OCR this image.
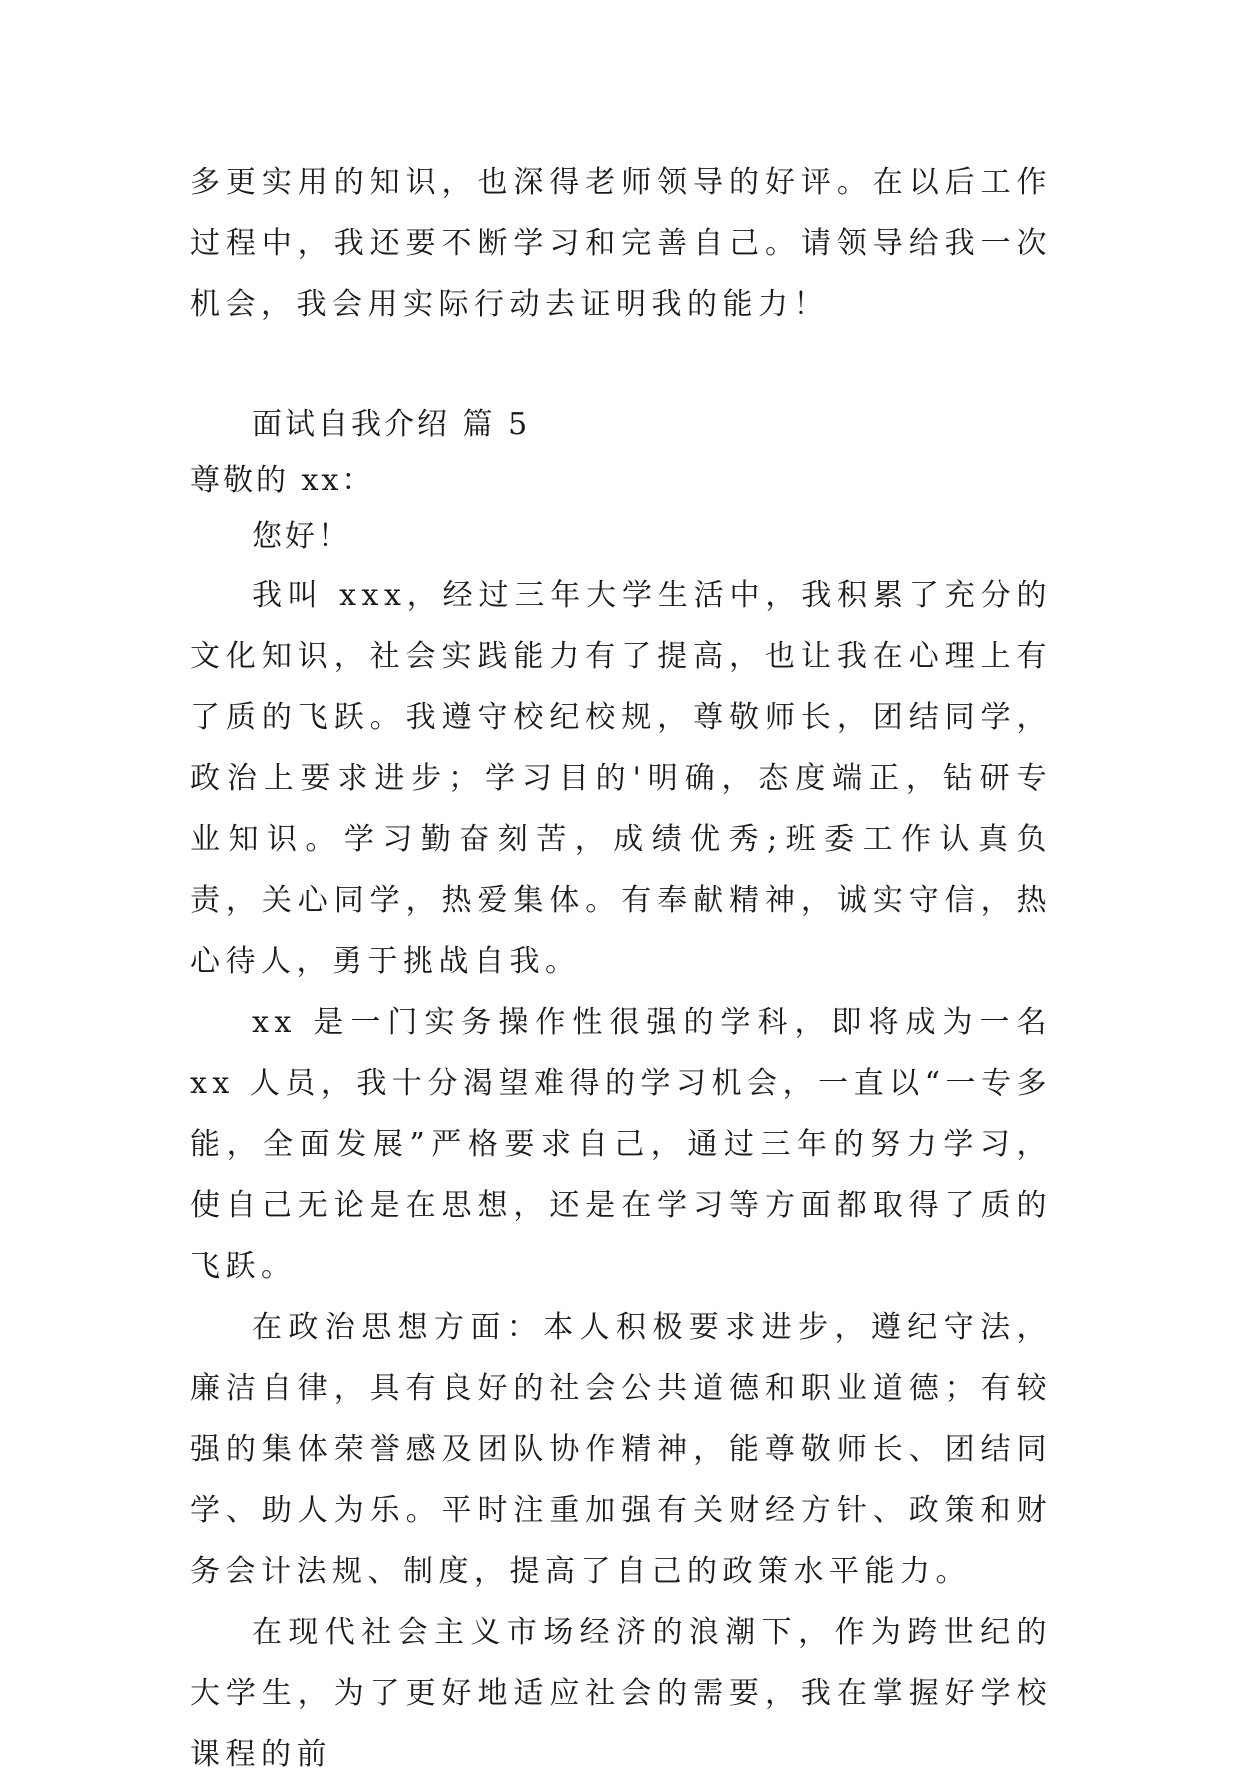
多更实用的知识，也深得老师领导的好评。在以后工作过程中，我还要不断学习和完善自己。请领导给我一次机会，我会用实际行动去证明我的能力！

面试自我介绍 篇 5

尊敬的 xx：

您好！

我叫 xxx，经过三年大学生活中，我积累了充分的文化知识，社会实践能力有了提高，也让我在心理上有了质的飞跃。我遵守校纪校规，尊敬师长，团结同学，政治上要求进步；学习目的'明确，态度端正，钻研专业知识。学习勤奋刻苦，成绩优秀;班委工作认真负责，关心同学，热爱集体。有奉献精神，诚实守信，热心待人，勇于挑战自我。

xx 是一门实务操作性很强的学科，即将成为一名 xx 人员，我十分渴望难得的学习机会，一直以“一专多能，全面发展”严格要求自己，通过三年的努力学习，使自己无论是在思想，还是在学习等方面都取得了质的飞跃。

在政治思想方面：本人积极要求进步，遵纪守法，廉洁自律，具有良好的社会公共道德和职业道德；有较强的集体荣誉感及团队协作精神，能尊敬师长、团结同学、助人为乐。平时注重加强有关财经方针、政策和财务会计法规、制度，提高了自己的政策水平能力。

在现代社会主义市场经济的浪潮下，作为跨世纪的大学生，为了更好地适应社会的需要，我在掌握好学校课程的前
